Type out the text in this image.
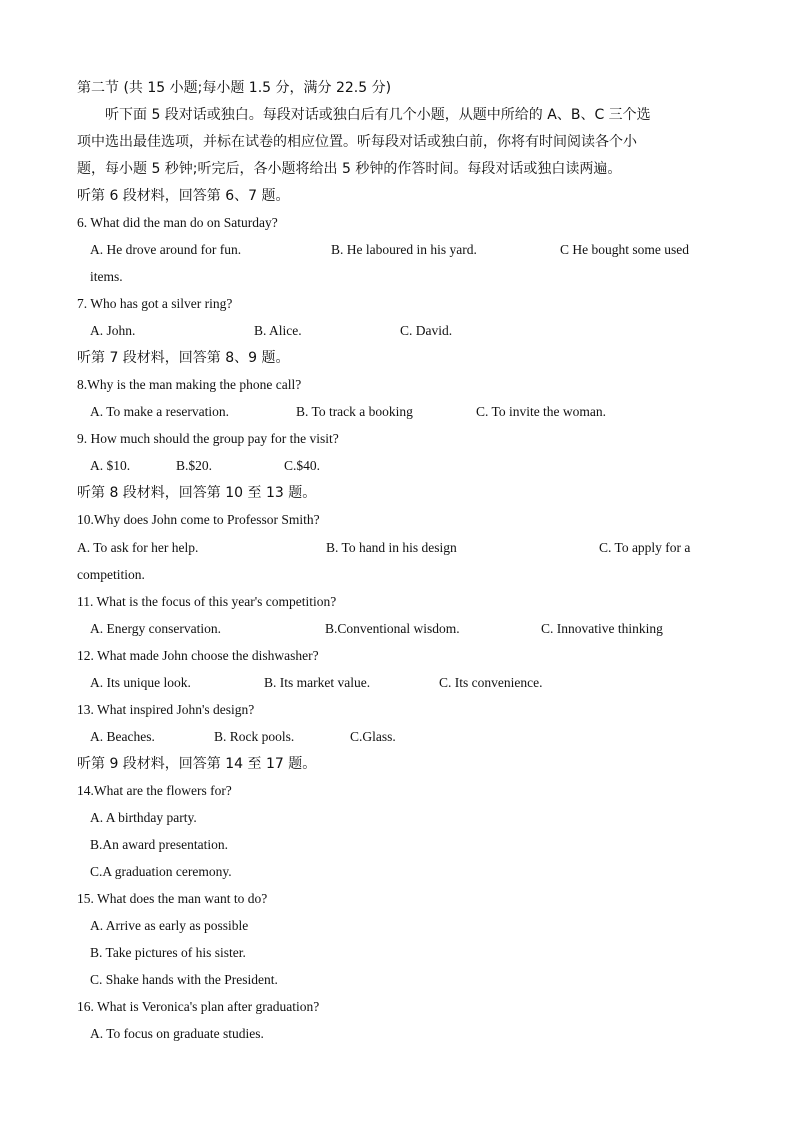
第二节 (共 15 小题;每小题 1.5 分，满分 22.5 分)
听下面 5 段对话或独白。每段对话或独白后有几个小题，从题中所给的 A、B、C 三个选
项中选出最佳选项，并标在试卷的相应位置。听每段对话或独白前，你将有时间阅读各个小
题，每小题 5 秒钟;听完后，各小题将给出 5 秒钟的作答时间。每段对话或独白读两遍。
听第 6 段材料，回答第 6、7 题。
6. What did the man do on Saturday?
A. He drove around for fun.	B. He laboured in his yard.	C He bought some used
items.
7. Who has got a silver ring?
A. John.	B. Alice.	C. David.
听第 7 段材料，回答第 8、9 题。
8.Why is the man making the phone call?
A. To make a reservation.	B. To track a booking	C. To invite the woman.
9. How much should the group pay for the visit?
A. $10.	B.$20.	C.$40.
听第 8 段材料，回答第 10 至 13 题。
10.Why does John come to Professor Smith?
A. To ask for her help.	B. To hand in his design	C. To apply for a
competition.
11. What is the focus of this year's competition?
A. Energy conservation.	B.Conventional wisdom.	C. Innovative thinking
12. What made John choose the dishwasher?
A. Its unique look.	B. Its market value.	C. Its convenience.
13. What inspired John's design?
A. Beaches.	B. Rock pools.	C.Glass.
听第 9 段材料，回答第 14 至 17 题。
14.What are the flowers for?
A. A birthday party.
B.An award presentation.
C.A graduation ceremony.
15. What does the man want to do?
A. Arrive as early as possible
B. Take pictures of his sister.
C. Shake hands with the President.
16. What is Veronica's plan after graduation?
A. To focus on graduate studies.
